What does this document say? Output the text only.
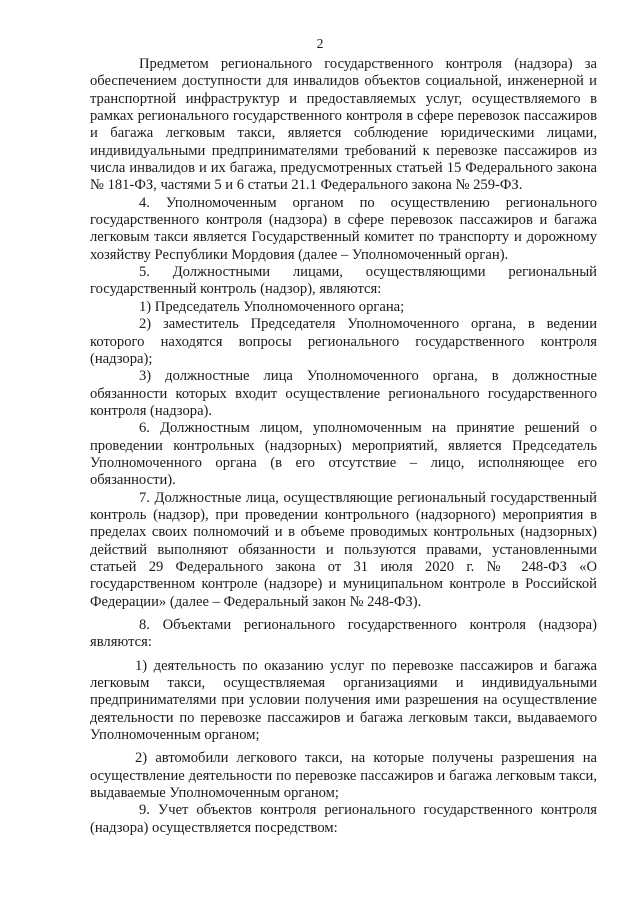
2

Предметом регионального государственного контроля (надзора) за обеспечением доступности для инвалидов объектов социальной, инженерной и транспортной инфраструктур и предоставляемых услуг, осуществляемого в рамках регионального государственного контроля в сфере перевозок пассажиров и багажа легковым такси, является соблюдение юридическими лицами, индивидуальными предпринимателями требований к перевозке пассажиров из числа инвалидов и их багажа, предусмотренных статьей 15 Федерального закона № 181-ФЗ, частями 5 и 6 статьи 21.1 Федерального закона № 259-ФЗ.

4. Уполномоченным органом по осуществлению регионального государственного контроля (надзора) в сфере перевозок пассажиров и багажа легковым такси является Государственный комитет по транспорту и дорожному хозяйству Республики Мордовия (далее – Уполномоченный орган).

5. Должностными лицами, осуществляющими региональный государственный контроль (надзор), являются:

1) Председатель Уполномоченного органа;

2) заместитель Председателя Уполномоченного органа, в ведении которого находятся вопросы регионального государственного контроля (надзора);

3) должностные лица Уполномоченного органа, в должностные обязанности которых входит осуществление регионального государственного контроля (надзора).

6. Должностным лицом, уполномоченным на принятие решений о проведении контрольных (надзорных) мероприятий, является Председатель Уполномоченного органа (в его отсутствие – лицо, исполняющее его обязанности).

7. Должностные лица, осуществляющие региональный государственный контроль (надзор), при проведении контрольного (надзорного) мероприятия в пределах своих полномочий и в объеме проводимых контрольных (надзорных) действий выполняют обязанности и пользуются правами, установленными статьей 29 Федерального закона от 31 июля 2020 г. № 248-ФЗ «О государственном контроле (надзоре) и муниципальном контроле в Российской Федерации» (далее – Федеральный закон № 248-ФЗ).

8. Объектами регионального государственного контроля (надзора) являются:

1) деятельность по оказанию услуг по перевозке пассажиров и багажа легковым такси, осуществляемая организациями и индивидуальными предпринимателями при условии получения ими разрешения на осуществление деятельности по перевозке пассажиров и багажа легковым такси, выдаваемого Уполномоченным органом;

2) автомобили легкового такси, на которые получены разрешения на осуществление деятельности по перевозке пассажиров и багажа легковым такси, выдаваемые Уполномоченным органом;

9. Учет объектов контроля регионального государственного контроля (надзора) осуществляется посредством:
